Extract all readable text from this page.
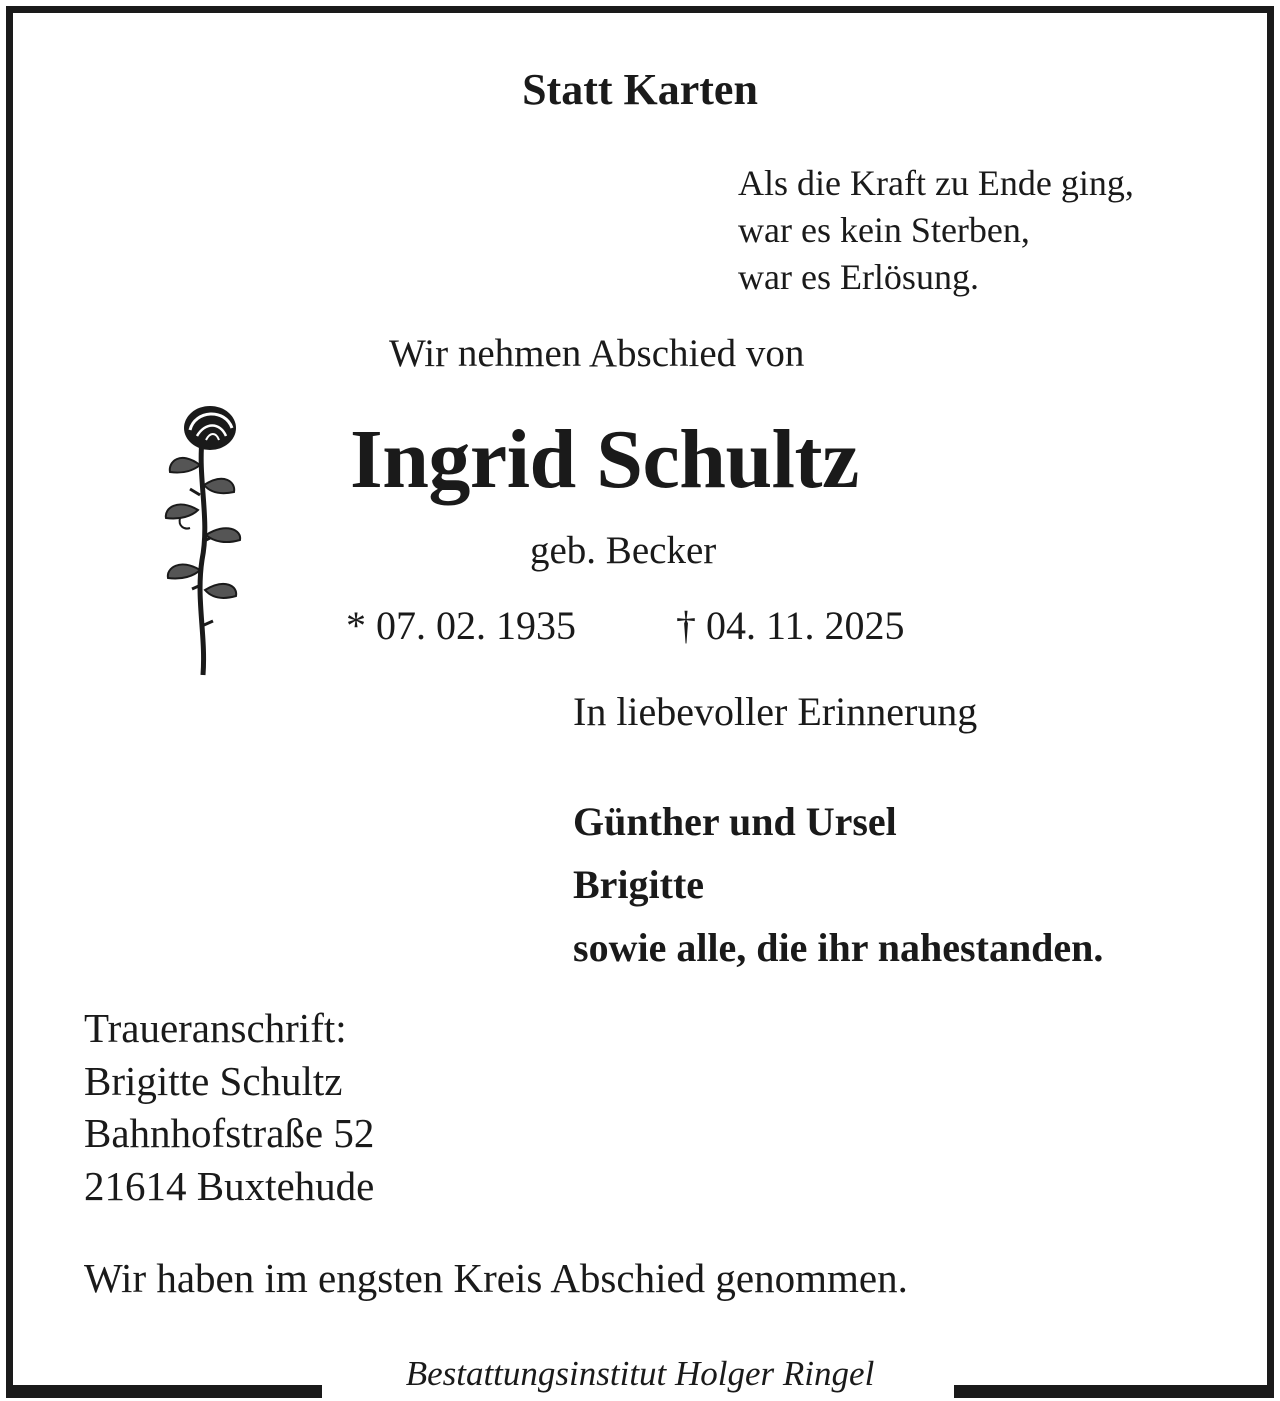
Statt Karten
Als die Kraft zu Ende ging,
war es kein Sterben,
war es Erlösung.
Wir nehmen Abschied von
Ingrid Schultz
geb. Becker
* 07. 02. 1935	† 04. 11. 2025
In liebevoller Erinnerung
Günther und Ursel
Brigitte
sowie alle, die ihr nahestanden.
Traueranschrift:
Brigitte Schultz
Bahnhofstraße 52
21614 Buxtehude
Wir haben im engsten Kreis Abschied genommen.
Bestattungsinstitut Holger Ringel
